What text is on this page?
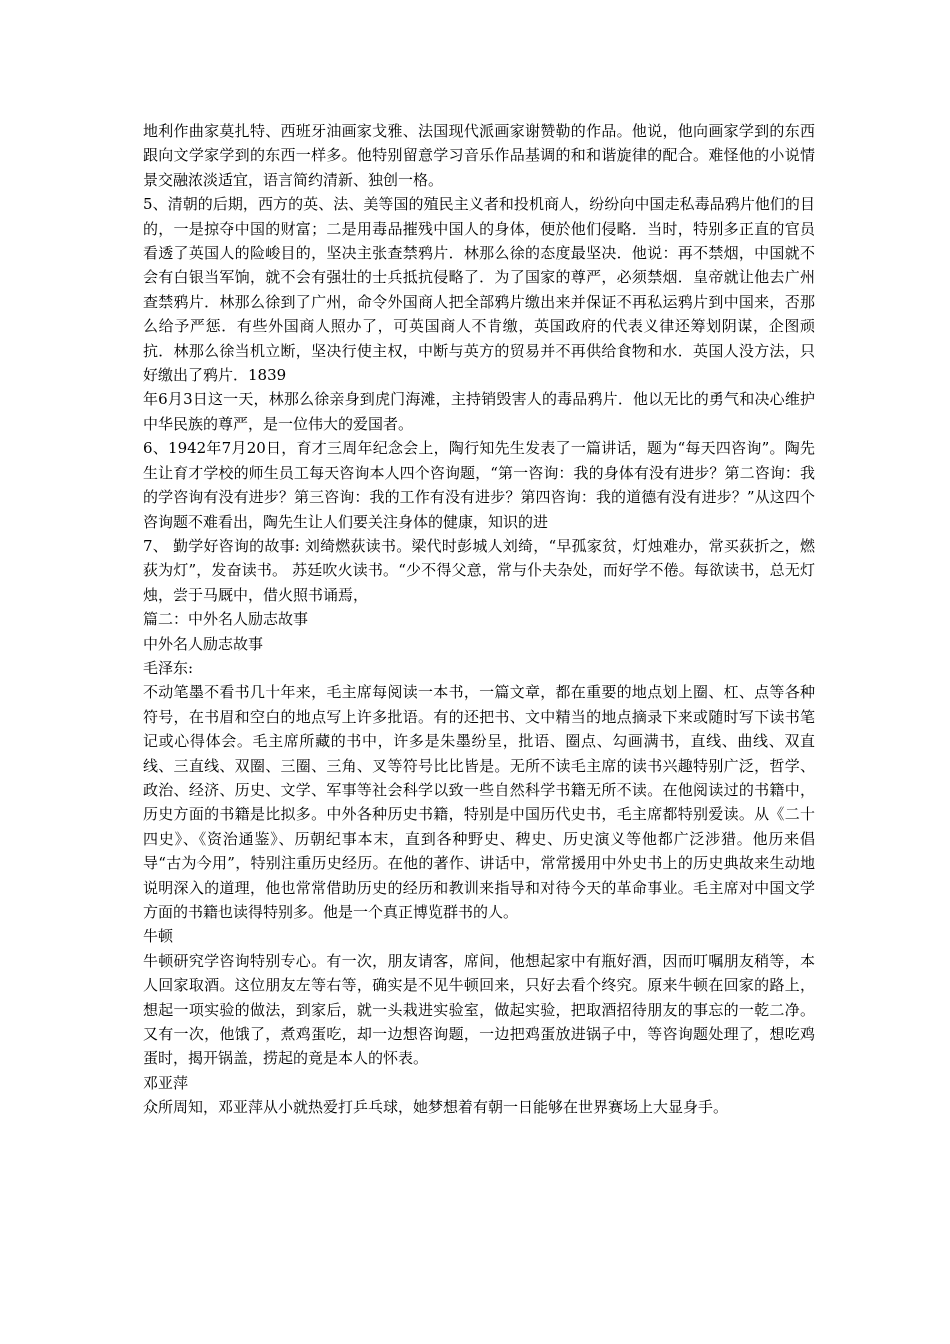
地利作曲家莫扎特、西班牙油画家戈雅、法国现代派画家谢赞勒的作品。他说，他向画家学到的东西跟向文学家学到的东西一样多。他特别留意学习音乐作品基调的和和谐旋律的配合。难怪他的小说情景交融浓淡适宜，语言简约清新、独创一格。

5、清朝的后期，西方的英、法、美等国的殖民主义者和投机商人，纷纷向中国走私毒品鸦片他们的目的，一是掠夺中国的财富；二是用毒品摧残中国人的身体，便於他们侵略．当时，特别多正直的官员看透了英国人的险峻目的，坚决主张查禁鸦片．林那么徐的态度最坚决．他说：再不禁烟，中国就不会有白银当军饷，就不会有强壮的士兵抵抗侵略了．为了国家的尊严，必须禁烟．皇帝就让他去广州查禁鸦片．林那么徐到了广州，命令外国商人把全部鸦片缴出来并保证不再私运鸦片到中国来，否那么给予严惩．有些外国商人照办了，可英国商人不肯缴，英国政府的代表义律还筹划阴谋，企图顽抗．林那么徐当机立断，坚决行使主权，中断与英方的贸易并不再供给食物和水．英国人没方法，只好缴出了鸦片．1839

年6月3日这一天，林那么徐亲身到虎门海滩，主持销毁害人的毒品鸦片．他以无比的勇气和决心维护中华民族的尊严，是一位伟大的爱国者。

6、1942年7月20日，育才三周年纪念会上，陶行知先生发表了一篇讲话，题为“每天四咨询”。陶先生让育才学校的师生员工每天咨询本人四个咨询题，“第一咨询：我的身体有没有进步？第二咨询：我的学咨询有没有进步？第三咨询：我的工作有没有进步？第四咨询：我的道德有没有进步？”从这四个咨询题不难看出，陶先生让人们要关注身体的健康，知识的进

7、 勤学好咨询的故事: 刘绮燃荻读书。梁代时彭城人刘绮，“早孤家贫，灯烛难办，常买荻折之，燃荻为灯”，发奋读书。 苏廷吹火读书。“少不得父意，常与仆夫杂处，而好学不倦。每欲读书，总无灯烛，尝于马厩中，借火照书诵焉，

篇二：中外名人励志故事

中外名人励志故事

毛泽东:

不动笔墨不看书几十年来，毛主席每阅读一本书，一篇文章，都在重要的地点划上圈、杠、点等各种符号，在书眉和空白的地点写上许多批语。有的还把书、文中精当的地点摘录下来或随时写下读书笔记或心得体会。毛主席所藏的书中，许多是朱墨纷呈，批语、圈点、勾画满书，直线、曲线、双直线、三直线、双圈、三圈、三角、叉等符号比比皆是。无所不读毛主席的读书兴趣特别广泛，哲学、政治、经济、历史、文学、军事等社会科学以致一些自然科学书籍无所不读。在他阅读过的书籍中，历史方面的书籍是比拟多。中外各种历史书籍，特别是中国历代史书，毛主席都特别爱读。从《二十四史》、《资治通鉴》、历朝纪事本末，直到各种野史、稗史、历史演义等他都广泛涉猎。他历来倡导“古为今用”，特别注重历史经历。在他的著作、讲话中，常常援用中外史书上的历史典故来生动地说明深入的道理，他也常常借助历史的经历和教训来指导和对待今天的革命事业。毛主席对中国文学方面的书籍也读得特别多。他是一个真正博览群书的人。

牛顿

牛顿研究学咨询特别专心。有一次，朋友请客，席间，他想起家中有瓶好酒，因而叮嘱朋友稍等，本人回家取酒。这位朋友左等右等，确实是不见牛顿回来，只好去看个终究。原来牛顿在回家的路上，想起一项实验的做法，到家后，就一头栽进实验室，做起实验，把取酒招待朋友的事忘的一乾二净。又有一次，他饿了，煮鸡蛋吃，却一边想咨询题，一边把鸡蛋放进锅子中，等咨询题处理了，想吃鸡蛋时，揭开锅盖，捞起的竟是本人的怀表。

邓亚萍

众所周知，邓亚萍从小就热爱打乒乓球，她梦想着有朝一日能够在世界赛场上大显身手。
